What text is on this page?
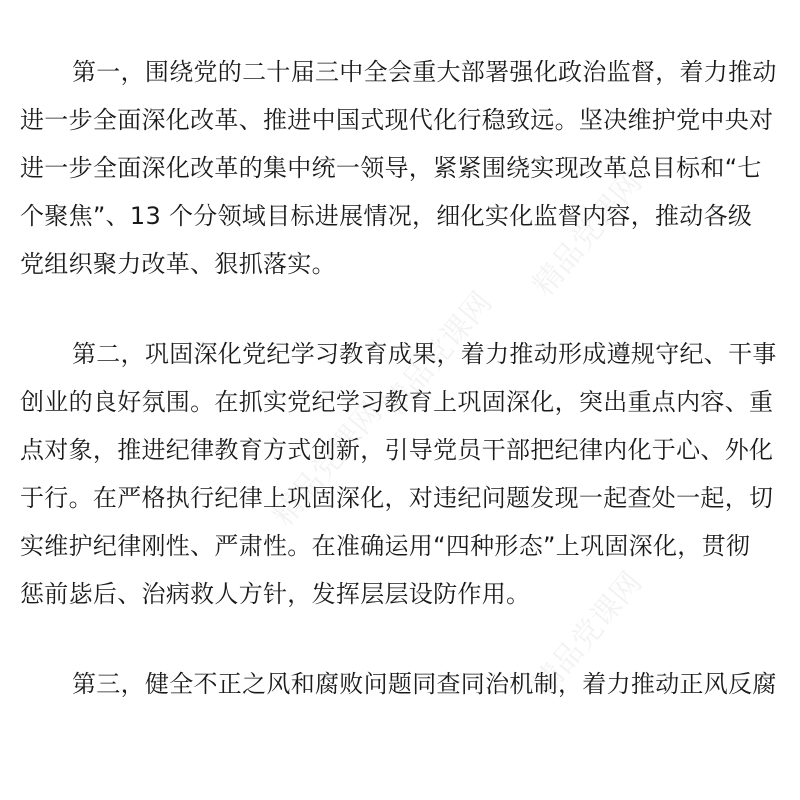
精品党课网
精品党课网
精品党课网
精品党课网
第一，围绕党的二十届三中全会重大部署强化政治监督，着力推动
进一步全面深化改革、推进中国式现代化行稳致远。坚决维护党中央对
进一步全面深化改革的集中统一领导，紧紧围绕实现改革总目标和“七
个聚焦”、13 个分领域目标进展情况，细化实化监督内容，推动各级
党组织聚力改革、狠抓落实。
第二，巩固深化党纪学习教育成果，着力推动形成遵规守纪、干事
创业的良好氛围。在抓实党纪学习教育上巩固深化，突出重点内容、重
点对象，推进纪律教育方式创新，引导党员干部把纪律内化于心、外化
于行。在严格执行纪律上巩固深化，对违纪问题发现一起查处一起，切
实维护纪律刚性、严肃性。在准确运用“四种形态”上巩固深化，贯彻
惩前毖后、治病救人方针，发挥层层设防作用。
第三，健全不正之风和腐败问题同查同治机制，着力推动正风反腐
